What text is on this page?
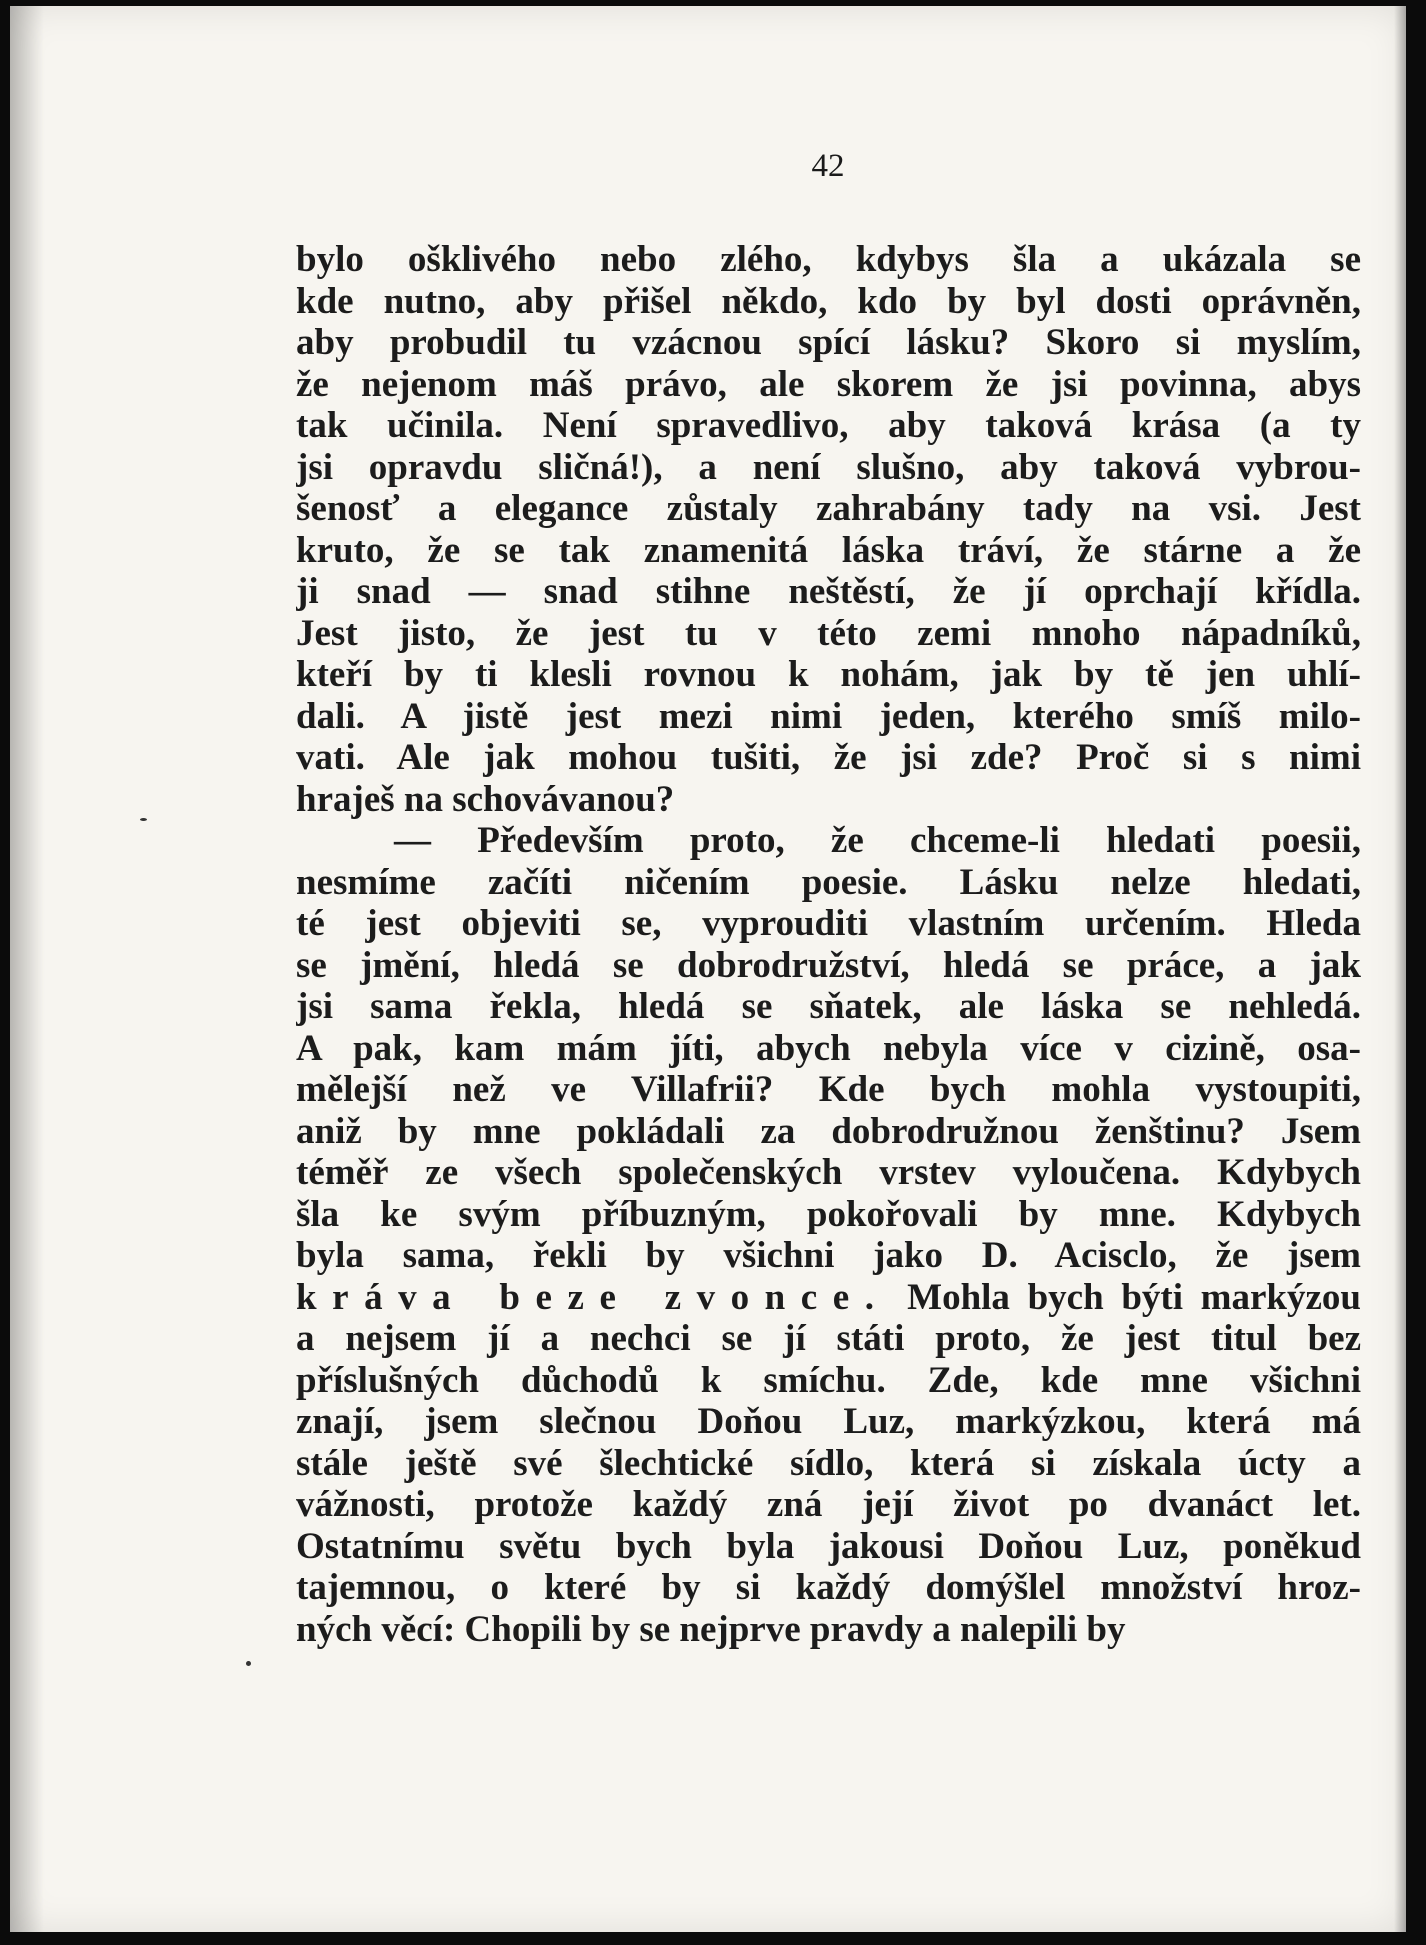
42
bylo ošklivého nebo zlého, kdybys šla a ukázala se
kde nutno, aby přišel někdo, kdo by byl dosti oprávněn,
aby probudil tu vzácnou spící lásku? Skoro si myslím,
že nejenom máš právo, ale skorem že jsi povinna, abys
tak učinila. Není spravedlivo, aby taková krása (a ty
jsi opravdu sličná!), a není slušno, aby taková vybrou-
šenosť a elegance zůstaly zahrabány tady na vsi. Jest
kruto, že se tak znamenitá láska tráví, že stárne a že
ji snad — snad stihne neštěstí, že jí oprchají křídla.
Jest jisto, že jest tu v této zemi mnoho nápadníků,
kteří by ti klesli rovnou k nohám, jak by tě jen uhlí-
dali. A jistě jest mezi nimi jeden, kterého smíš milo-
vati. Ale jak mohou tušiti, že jsi zde? Proč si s nimi
hraješ na schovávanou?
— Především proto, že chceme-li hledati poesii,
nesmíme začíti ničením poesie. Lásku nelze hledati,
té jest objeviti se, vyprouditi vlastním určením. Hleda
se jmění, hledá se dobrodružství, hledá se práce, a jak
jsi sama řekla, hledá se sňatek, ale láska se nehledá.
A pak, kam mám jíti, abych nebyla více v cizině, osa-
mělejší než ve Villafrii? Kde bych mohla vystoupiti,
aniž by mne pokládali za dobrodružnou ženštinu? Jsem
téměř ze všech společenských vrstev vyloučena. Kdybych
šla ke svým příbuzným, pokořovali by mne. Kdybych
byla sama, řekli by všichni jako D. Acisclo, že jsem
kráva beze zvonce. Mohla bych býti markýzou
a nejsem jí a nechci se jí státi proto, že jest titul bez
příslušných důchodů k smíchu. Zde, kde mne všichni
znají, jsem slečnou Doňou Luz, markýzkou, která má
stále ještě své šlechtické sídlo, která si získala úcty a
vážnosti, protože každý zná její život po dvanáct let.
Ostatnímu světu bych byla jakousi Doňou Luz, poněkud
tajemnou, o které by si každý domýšlel množství hroz-
ných věcí: Chopili by se nejprve pravdy a nalepili by
